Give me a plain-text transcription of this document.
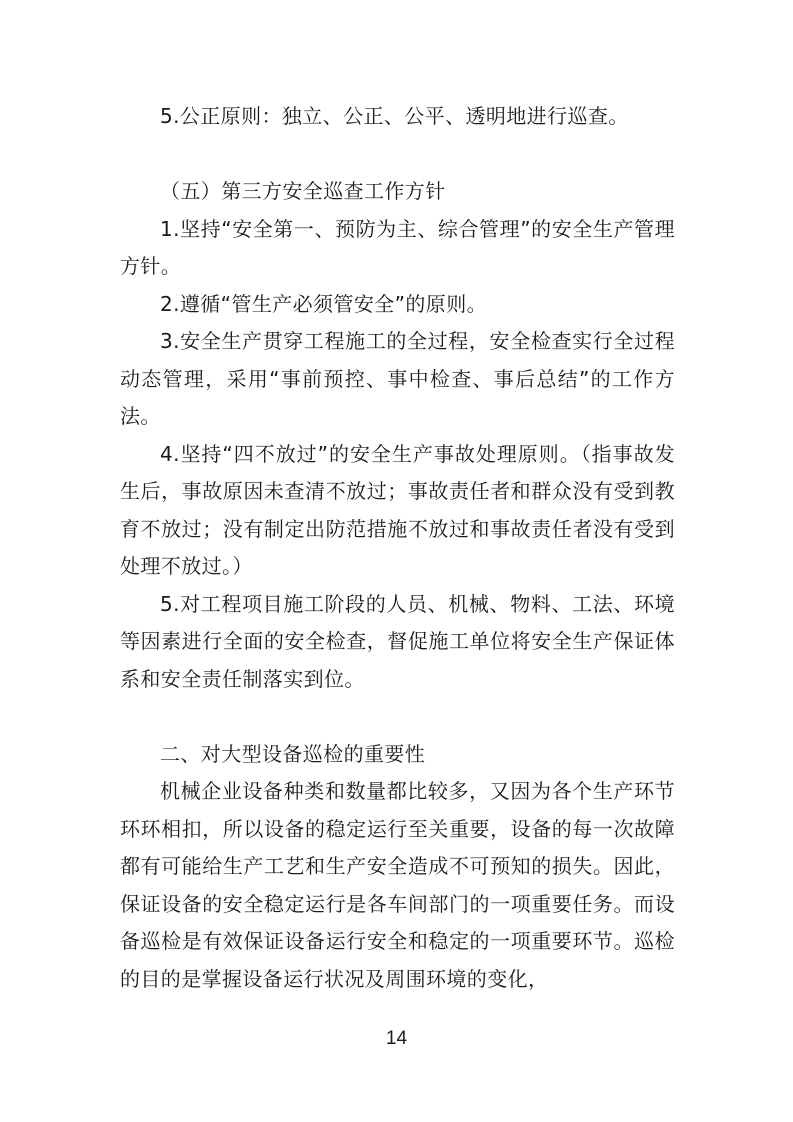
5.公正原则：独立、公正、公平、透明地进行巡查。

（五）第三方安全巡查工作方针

1.坚持“安全第一、预防为主、综合管理”的安全生产管理方针。

2.遵循“管生产必须管安全”的原则。

3.安全生产贯穿工程施工的全过程，安全检查实行全过程动态管理，采用“事前预控、事中检查、事后总结”的工作方法。

4.坚持“四不放过”的安全生产事故处理原则。（指事故发生后，事故原因未查清不放过；事故责任者和群众没有受到教育不放过；没有制定出防范措施不放过和事故责任者没有受到处理不放过。）

5.对工程项目施工阶段的人员、机械、物料、工法、环境等因素进行全面的安全检查，督促施工单位将安全生产保证体系和安全责任制落实到位。

二、对大型设备巡检的重要性

机械企业设备种类和数量都比较多，又因为各个生产环节环环相扣，所以设备的稳定运行至关重要，设备的每一次故障都有可能给生产工艺和生产安全造成不可预知的损失。因此，保证设备的安全稳定运行是各车间部门的一项重要任务。而设备巡检是有效保证设备运行安全和稳定的一项重要环节。巡检的目的是掌握设备运行状况及周围环境的变化，

14
